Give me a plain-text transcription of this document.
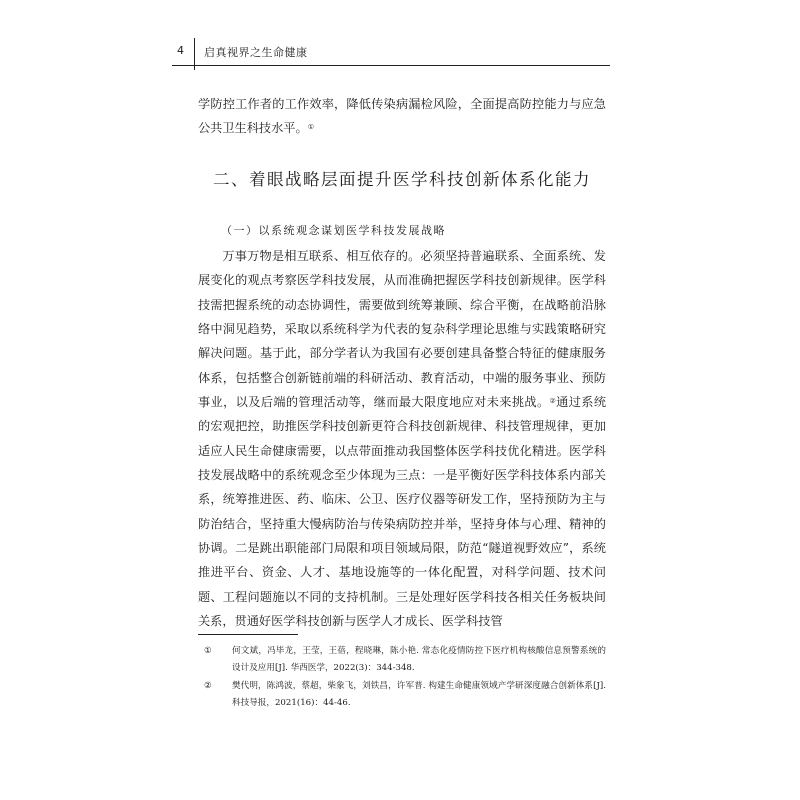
4 启真视界之生命健康

学防控工作者的工作效率，降低传染病漏检风险，全面提高防控能力与应急公共卫生科技水平。①

二、着眼战略层面提升医学科技创新体系化能力
（一）以系统观念谋划医学科技发展战略

万事万物是相互联系、相互依存的。必须坚持普遍联系、全面系统、发展变化的观点考察医学科技发展，从而准确把握医学科技创新规律。医学科技需把握系统的动态协调性，需要做到统筹兼顾、综合平衡，在战略前沿脉络中洞见趋势，采取以系统科学为代表的复杂科学理论思维与实践策略研究解决问题。基于此，部分学者认为我国有必要创建具备整合特征的健康服务体系，包括整合创新链前端的科研活动、教育活动，中端的服务事业、预防事业，以及后端的管理活动等，继而最大限度地应对未来挑战。②通过系统的宏观把控，助推医学科技创新更符合科技创新规律、科技管理规律，更加适应人民生命健康需要，以点带面推动我国整体医学科技优化精进。医学科技发展战略中的系统观念至少体现为三点：一是平衡好医学科技体系内部关系，统筹推进医、药、临床、公卫、医疗仪器等研发工作，坚持预防为主与防治结合，坚持重大慢病防治与传染病防控并举，坚持身体与心理、精神的协调。二是跳出职能部门局限和项目领域局限，防范“隧道视野效应”，系统推进平台、资金、人才、基地设施等的一体化配置，对科学问题、技术问题、工程问题施以不同的支持机制。三是处理好医学科技各相关任务板块间关系，贯通好医学科技创新与医学人才成长、医学科技管

①	何文斌，冯毕龙，王莹，王蓓，程晓琳，陈小艳. 常态化疫情防控下医疗机构核酸信息预警系统的设计及应用[J]. 华西医学，2022(3)：344-348.
②	樊代明，陈鸿波，蔡超，柴象飞，刘铁昌，许军普. 构建生命健康领域产学研深度融合创新体系[J]. 科技导报，2021(16)：44-46.
